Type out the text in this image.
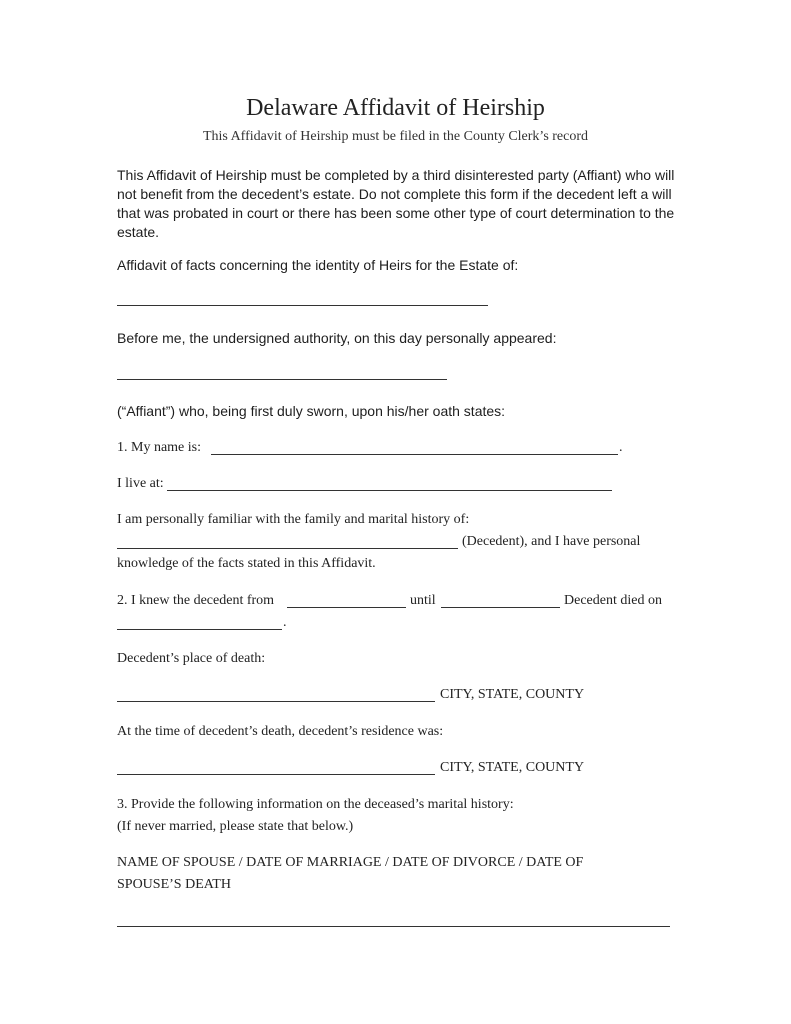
Delaware Affidavit of Heirship
This Affidavit of Heirship must be filed in the County Clerk’s record
This Affidavit of Heirship must be completed by a third disinterested party (Affiant) who will not benefit from the decedent’s estate. Do not complete this form if the decedent left a will that was probated in court or there has been some other type of court determination to the estate.
Affidavit of facts concerning the identity of Heirs for the Estate of:
Before me, the undersigned authority, on this day personally appeared:
(“Affiant”) who, being first duly sworn, upon his/her oath states:
1. My name is:	.
I live at:
I am personally familiar with the family and marital history of:
(Decedent), and I have personal
knowledge of the facts stated in this Affidavit.
2. I knew the decedent from	until	Decedent died on
.
Decedent’s place of death:
CITY, STATE, COUNTY
At the time of decedent’s death, decedent’s residence was:
CITY, STATE, COUNTY
3. Provide the following information on the deceased’s marital history:
(If never married, please state that below.)
NAME OF SPOUSE / DATE OF MARRIAGE / DATE OF DIVORCE / DATE OF
SPOUSE’S DEATH
